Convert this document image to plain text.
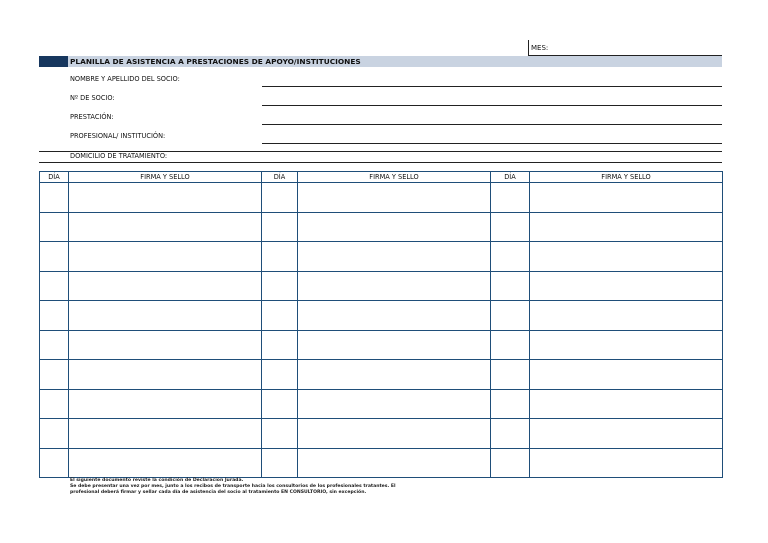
MES:
PLANILLA DE ASISTENCIA A PRESTACIONES DE APOYO/INSTITUCIONES
NOMBRE Y APELLIDO DEL SOCIO:
Nº DE SOCIO:
PRESTACIÓN:
PROFESIONAL/ INSTITUCIÓN:
DOMICILIO DE TRATAMIENTO:
DÍA	FIRMA Y SELLO	DÍA	FIRMA Y SELLO	DÍA	FIRMA Y SELLO

El siguiente documento reviste la condición de Declaracion Jurada.
Se debe presentar una vez por mes, junto a los recibos de transporte hacia los consultorios de los profesionales tratantes. El
profesional deberá firmar y sellar cada día de asistencia del socio al tratamiento EN CONSULTORIO, sin excepción.
